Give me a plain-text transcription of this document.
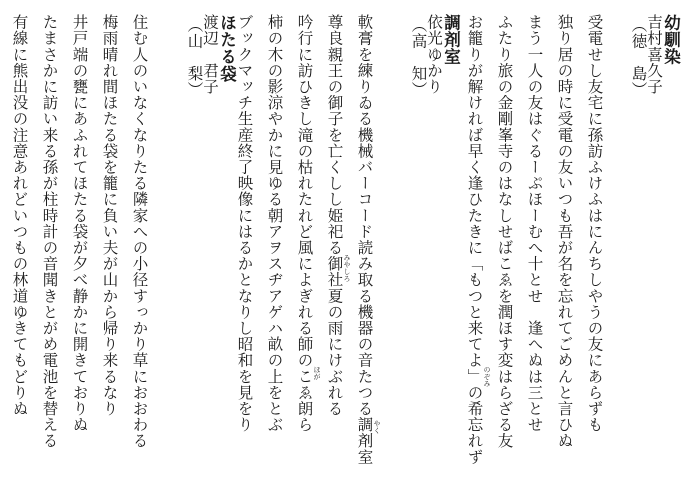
幼馴染
吉村喜久子
（徳　島）
受電せし友宅に孫訪ふけふはにんちしやうの友にあらずも
独り居の時に受電の友いつも吾が名を忘れてごめんと言ひぬ
まう一人の友はぐるーぷほーむへ十とせ　逢へぬは三とせ
ふたり旅の金剛峯寺のはなしせばこゑを潤ほす変はらざる友
お籠りが解ければ早く逢ひたきに「もつと来てよ」の希忘れず のぞみ
調剤室
依光ゆかり
（高　知）
軟膏を練りゐる機械バーコード読み取る機器の音たつる調剤室
尊良親王の御子を亡くしし姫祀る御社夏の雨にけぶれる
吟行に訪ひきし滝の枯れたれど風によぎれる師のこゑ朗ら
柿の木の影涼やかに見ゆる朝アヲスヂアゲハ畝の上をとぶ
ブックマッチ生産終了映像にはるかとなりし昭和を見をり	やく
みやしろ
ほが
ほたる袋
渡辺　君子
（山　梨）
住む人のいなくなりたる隣家への小径すっかり草におおわる
梅雨晴れ間ほたる袋を籠に負い夫が山から帰り来るなり
井戸端の甕にあふれてほたる袋が夕べ静かに開きておりぬ
たまさかに訪い来る孫が柱時計の音聞きとがめ電池を替える
有線に熊出没の注意あれどいつもの林道ゆきてもどりぬ
